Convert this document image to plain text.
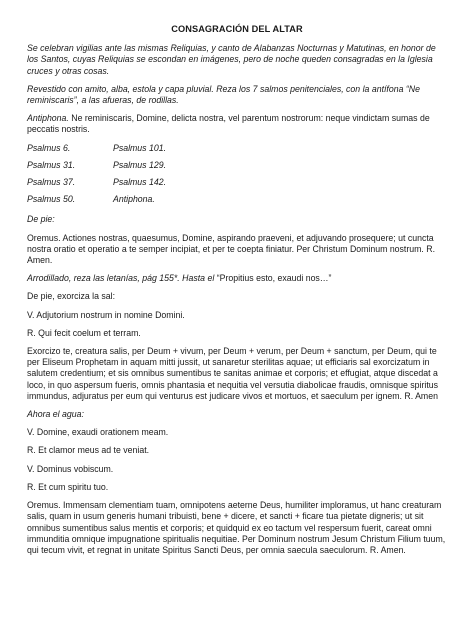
CONSAGRACIÓN DEL ALTAR

Se celebran vigilias ante las mismas Reliquias, y canto de Alabanzas Nocturnas y Matutinas, en honor de los Santos, cuyas Reliquias se escondan en imágenes, pero de noche queden consagradas en la Iglesia cruces y otras cosas.

Revestido con amito, alba, estola y capa pluvial. Reza los 7 salmos penitenciales, con la antífona “Ne reminiscaris”, a las afueras, de rodillas.

Antiphona. Ne reminiscaris, Domine, delicta nostra, vel parentum nostrorum: neque vindictam sumas de peccatis nostris.

Psalmus 6.	Psalmus 101.
Psalmus 31.	Psalmus 129.
Psalmus 37.	Psalmus 142.
Psalmus 50.	Antiphona.

De pie:

Oremus. Actiones nostras, quaesumus, Domine, aspirando praeveni, et adjuvando prosequere; ut cuncta nostra oratio et operatio a te semper incipiat, et per te coepta finiatur. Per Christum Dominum nostrum. R. Amen.

Arrodillado, reza las letanías, pág 155*. Hasta el “Propitius esto, exaudi nos…”

De pie, exorciza la sal:

V. Adjutorium nostrum in nomine Domini.

R. Qui fecit coelum et terram.

Exorcizo te, creatura salis, per Deum + vivum, per Deum + verum, per Deum + sanctum, per Deum, qui te per Eliseum Prophetam in aquam mitti jussit, ut sanaretur sterilitas aquae; ut efficiaris sal exorcizatum in salutem credentium; et sis omnibus sumentibus te sanitas animae et corporis; et effugiat, atque discedat a loco, in quo aspersum fueris, omnis phantasia et nequitia vel versutia diabolicae fraudis, omnisque spiritus immundus, adjuratus per eum qui venturus est judicare vivos et mortuos, et saeculum per ignem. R. Amen

Ahora el agua:

V. Domine, exaudi orationem meam.

R. Et clamor meus ad te veniat.

V. Dominus vobiscum.

R. Et cum spiritu tuo.

Oremus. Immensam clementiam tuam, omnipotens aeterne Deus, humiliter imploramus, ut hanc creaturam salis, quam in usum generis humani tribuisti, bene + dicere, et sancti + ficare tua pietate digneris; ut sit omnibus sumentibus salus mentis et corporis; et quidquid ex eo tactum vel respersum fuerit, careat omni immunditia omnique impugnatione spiritualis nequitiae. Per Dominum nostrum Jesum Christum Filium tuum, qui tecum vivit, et regnat in unitate Spiritus Sancti Deus, per omnia saecula saeculorum. R. Amen.
